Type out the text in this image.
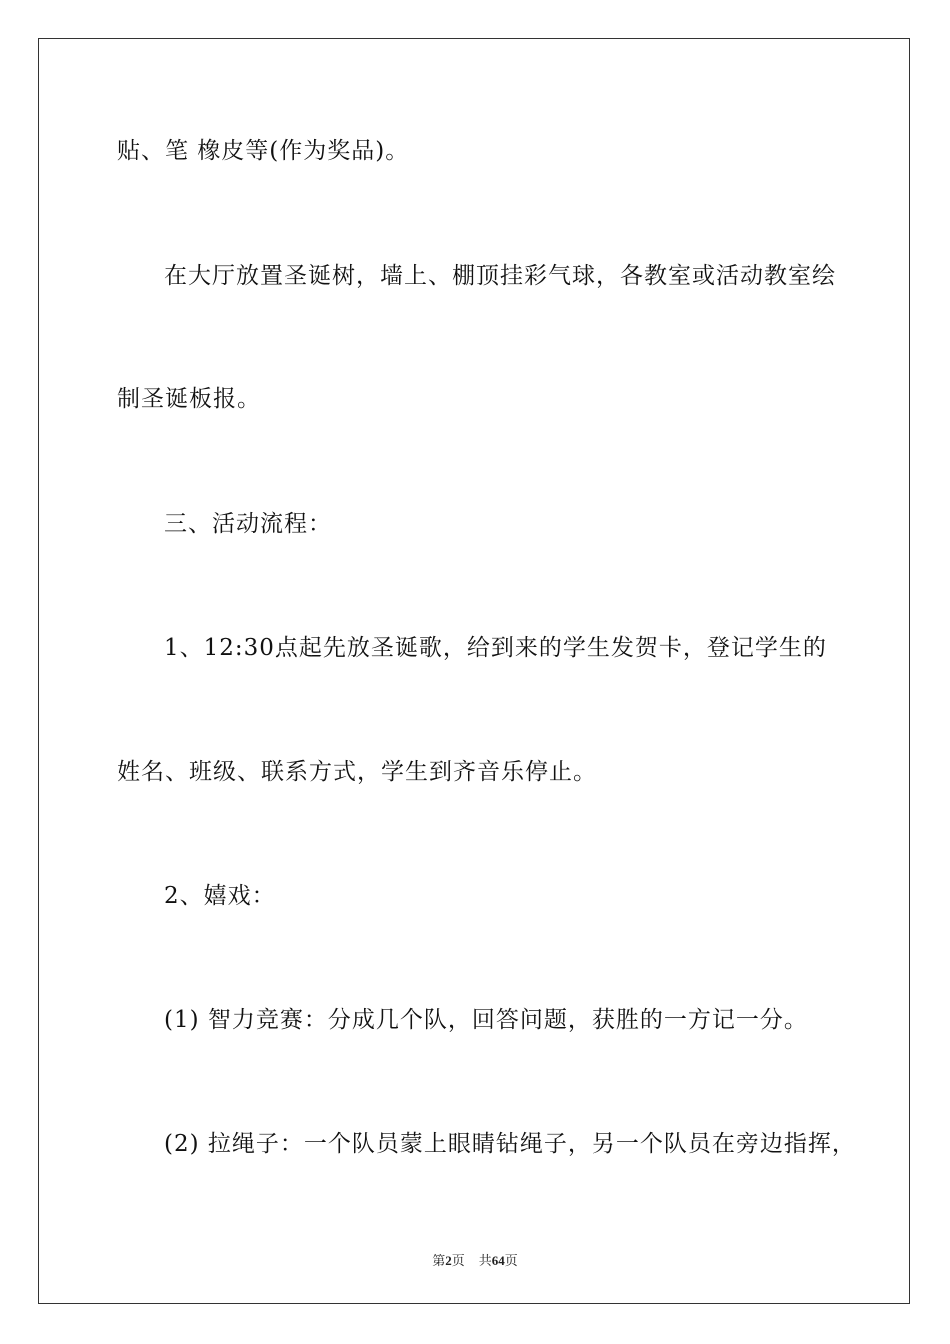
贴、笔 橡皮等(作为奖品)。
在大厅放置圣诞树，墙上、棚顶挂彩气球，各教室或活动教室绘
制圣诞板报。
三、活动流程：
1、12:30点起先放圣诞歌，给到来的学生发贺卡，登记学生的
姓名、班级、联系方式，学生到齐音乐停止。
2、嬉戏：
(1) 智力竞赛：分成几个队，回答问题，获胜的一方记一分。
(2) 拉绳子：一个队员蒙上眼睛钻绳子，另一个队员在旁边指挥，
第2页 共64页
